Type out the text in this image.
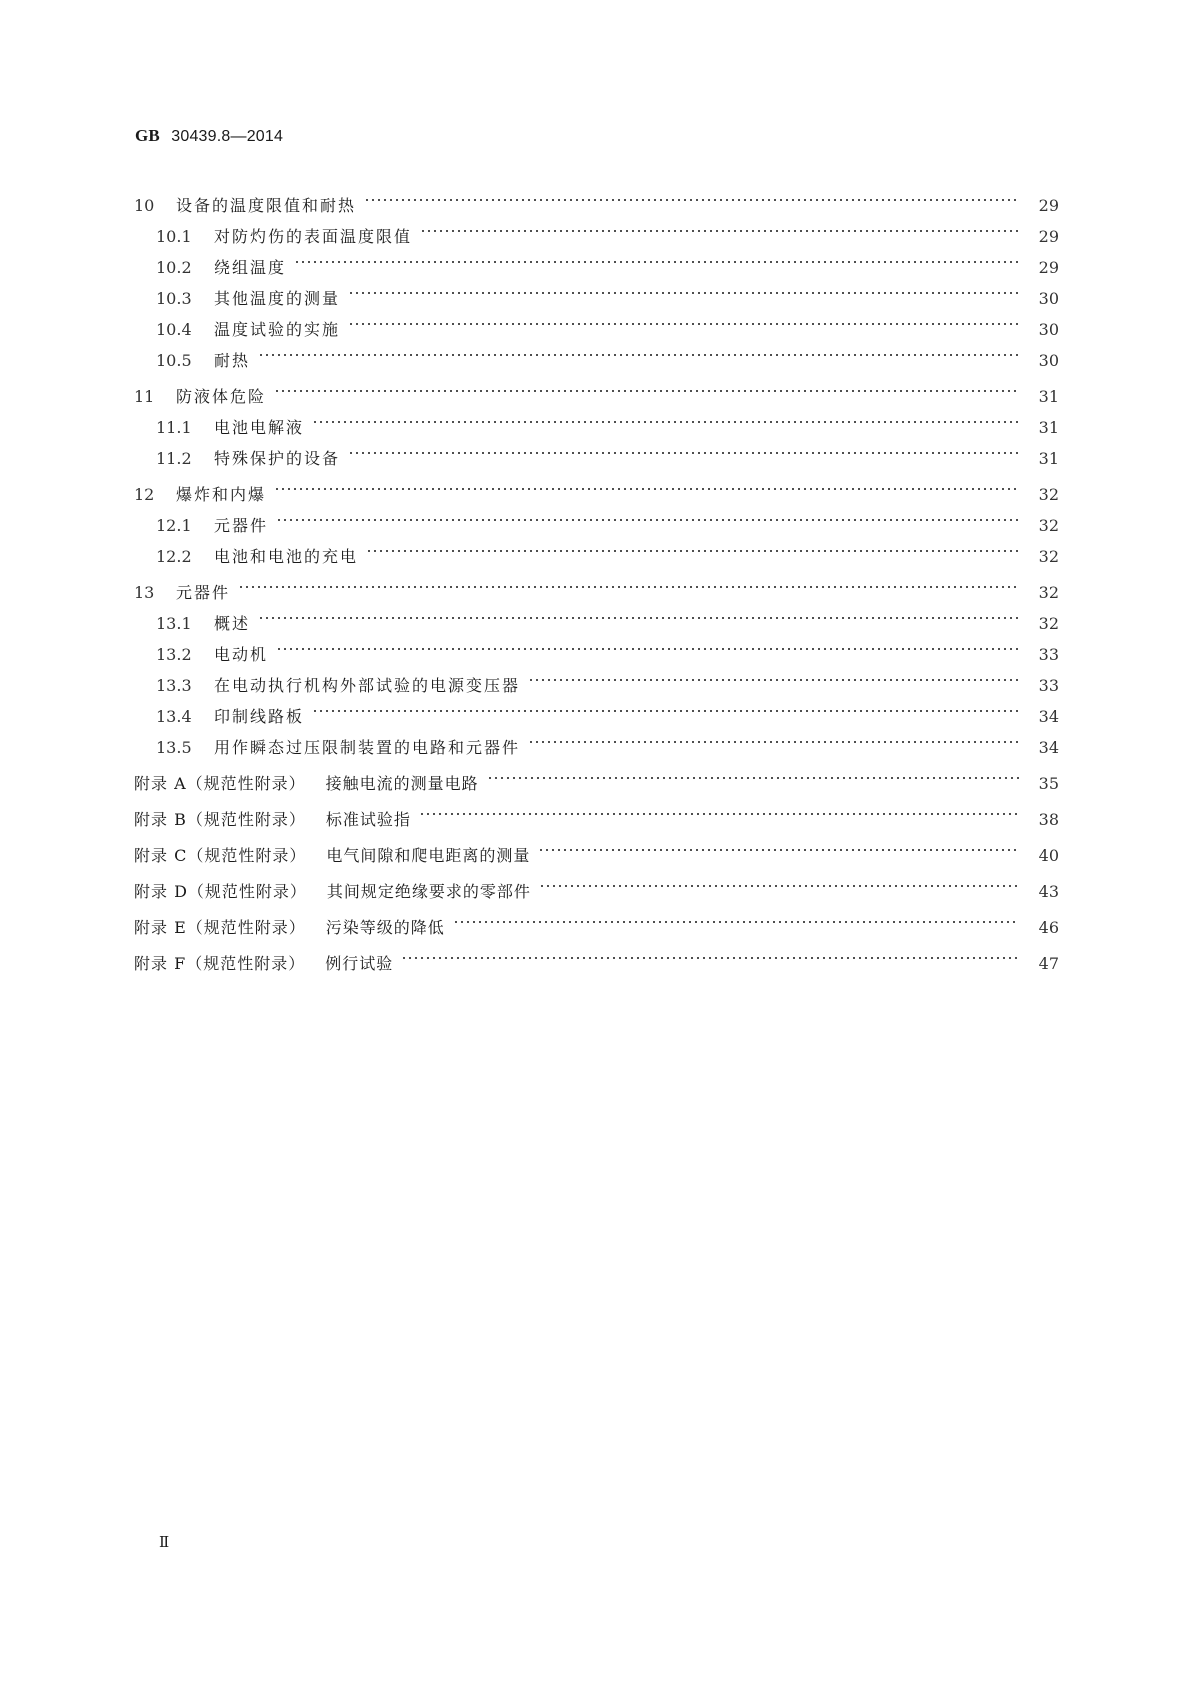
GB 30439.8—2014
10	设备的温度限值和耐热	29
10.1	对防灼伤的表面温度限值	29
10.2	绕组温度	29
10.3	其他温度的测量	30
10.4	温度试验的实施	30
10.5	耐热	30
11	防液体危险	31
11.1	电池电解液	31
11.2	特殊保护的设备	31
12	爆炸和内爆	32
12.1	元器件	32
12.2	电池和电池的充电	32
13	元器件	32
13.1	概述	32
13.2	电动机	33
13.3	在电动执行机构外部试验的电源变压器	33
13.4	印制线路板	34
13.5	用作瞬态过压限制装置的电路和元器件	34
附录 A（规范性附录）	接触电流的测量电路	35
附录 B（规范性附录）	标准试验指	38
附录 C（规范性附录）	电气间隙和爬电距离的测量	40
附录 D（规范性附录）	其间规定绝缘要求的零部件	43
附录 E（规范性附录）	污染等级的降低	46
附录 F（规范性附录）	例行试验	47
Ⅱ
